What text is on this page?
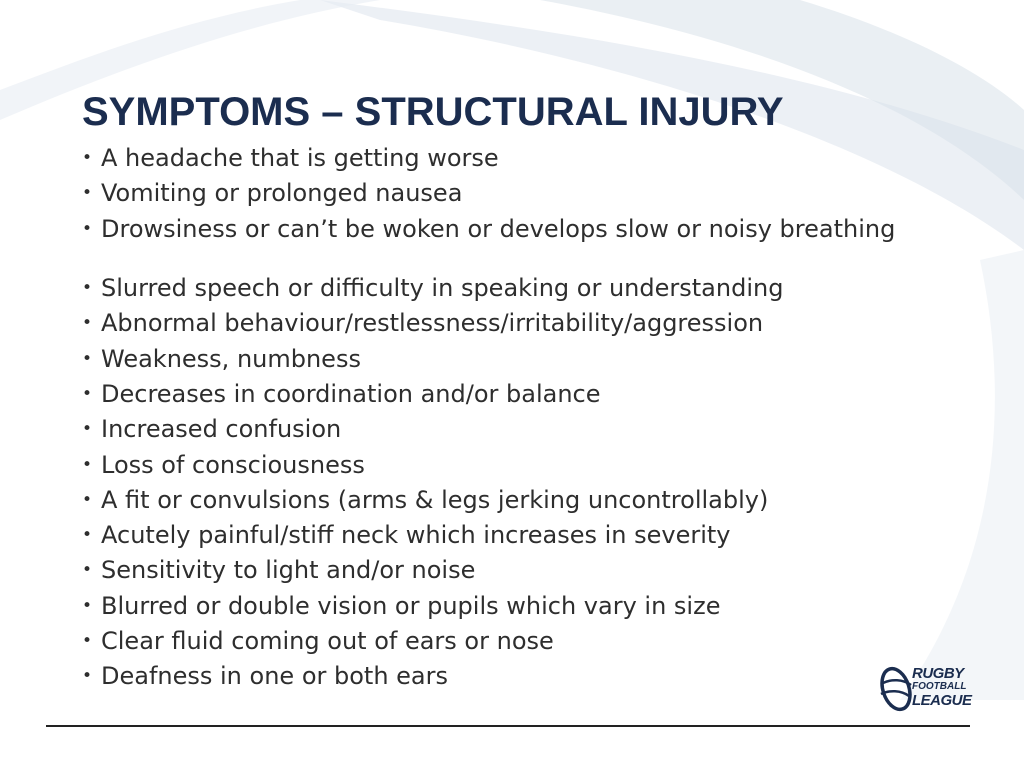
SYMPTOMS – STRUCTURAL INJURY
• A headache that is getting worse
• Vomiting or prolonged nausea
• Drowsiness or can’t be woken or develops slow or noisy breathing
• Slurred speech or difficulty in speaking or understanding
• Abnormal behaviour/restlessness/irritability/aggression
• Weakness, numbness
• Decreases in coordination and/or balance
• Increased confusion
• Loss of consciousness
• A fit or convulsions (arms & legs jerking uncontrollably)
• Acutely painful/stiff neck which increases in severity
• Sensitivity to light and/or noise
• Blurred or double vision or pupils which vary in size
• Clear fluid coming out of ears or nose
• Deafness in one or both ears	RUGBY
FOOTBALL
LEAGUE
